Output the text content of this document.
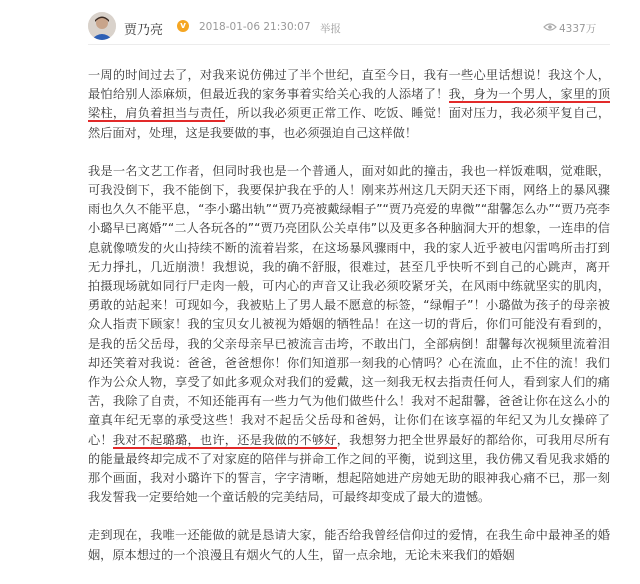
贾乃亮	v 2018-01-06 21:30:07 举报	4337万

一周的时间过去了，对我来说仿佛过了半个世纪，直至今日，我有一些心里话想说！我这个人，最怕给别人添麻烦，但最近我的家务事着实给关心我的人添堵了！我，身为一个男人，家里的顶梁柱，肩负着担当与责任，所以我必须更正常工作、吃饭、睡觉！面对压力，我必须平复自己，然后面对，处理，这是我要做的事，也必须强迫自己这样做！

我是一名文艺工作者，但同时我也是一个普通人，面对如此的撞击，我也一样饭难咽，觉难眠，可我没倒下，我不能倒下，我要保护我在乎的人！刚来苏州这几天阴天还下雨，网络上的暴风骤雨也久久不能平息，“李小璐出轨”“贾乃亮被戴绿帽子”“贾乃亮爱的卑微”“甜馨怎么办”“贾乃亮李小璐早已离婚”“二人各玩各的”“贾乃亮团队公关卓伟”以及更多各种脑洞大开的想象，一连串的信息就像喷发的火山持续不断的流着岩浆，在这场暴风骤雨中，我的家人近乎被电闪雷鸣所击打到无力掙扎，几近崩溃！我想说，我的确不舒服，很难过，甚至几乎快听不到自己的心跳声，离开拍摄现场就如同行尸走肉一般，可内心的声音又让我必须咬紧牙关，在风雨中练就坚实的肌肉，勇敢的站起来！可现如今，我被贴上了男人最不愿意的标签，“绿帽子”！小璐做为孩子的母亲被众人指责下顾家！我的宝贝女儿被视为婚姻的牺牲品！在这一切的背后，你们可能没有看到的，是我的岳父岳母，我的父亲母亲早已被流言击垮，不敢出门，全部病倒！甜馨每次视频里流着泪却还笑着对我说：爸爸，爸爸想你！你们知道那一刻我的心情吗？心在流血，止不住的流！我们作为公众人物，享受了如此多观众对我们的爱戴，这一刻我无权去指责任何人，看到家人们的痛苦，我除了自责，不知还能再有一些力气为他们做些什么！我对不起甜馨，爸爸让你在这么小的童真年纪无辜的承受这些！我对不起岳父岳母和爸妈，让你们在该享福的年纪又为儿女操碎了心！我对不起璐璐，也许，还是我做的不够好，我想努力把全世界最好的都给你，可我用尽所有的能量最终却完成不了对家庭的陪伴与拼命工作之间的平衡，说到这里，我仿佛又看见我求婚的那个画面，我对小璐许下的誓言，字字清晰，想起陪她进产房她无助的眼神我心痛不已，那一刻我发誓我一定要给她一个童话般的完美结局，可最终却变成了最大的遗憾。

走到现在，我唯一还能做的就是恳请大家，能否给我曾经信仰过的爱情，在我生命中最神圣的婚姻，原本想过的一个浪漫且有烟火气的人生，留一点余地，无论未来我们的婚姻
